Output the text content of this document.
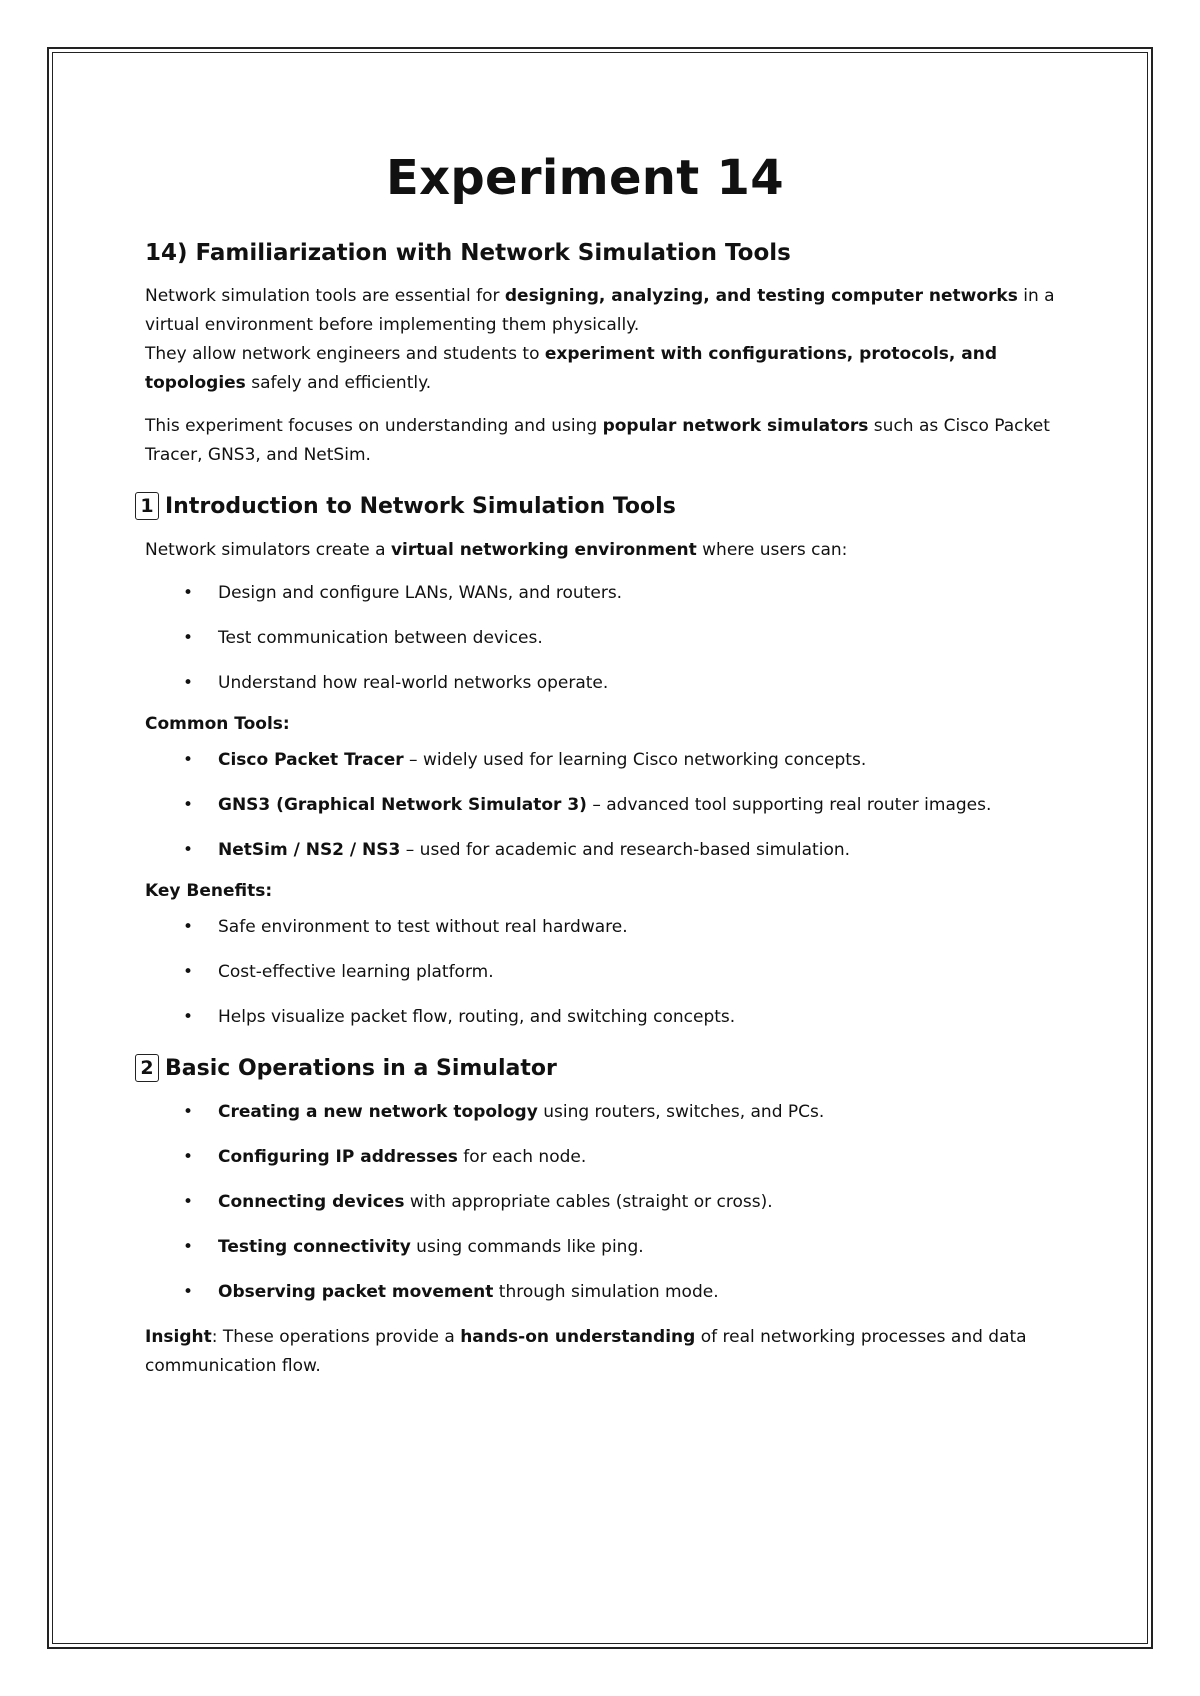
Experiment 14
14) Familiarization with Network Simulation Tools

Network simulation tools are essential for designing, analyzing, and testing computer networks in a virtual environment before implementing them physically.
They allow network engineers and students to experiment with configurations, protocols, and topologies safely and efficiently.

This experiment focuses on understanding and using popular network simulators such as Cisco Packet Tracer, GNS3, and NetSim.

1 Introduction to Network Simulation Tools

Network simulators create a virtual networking environment where users can:

• Design and configure LANs, WANs, and routers.
• Test communication between devices.
• Understand how real-world networks operate.
Common Tools:
• Cisco Packet Tracer – widely used for learning Cisco networking concepts.
• GNS3 (Graphical Network Simulator 3) – advanced tool supporting real router images.
• NetSim / NS2 / NS3 – used for academic and research-based simulation.
Key Benefits:
• Safe environment to test without real hardware.
• Cost-effective learning platform.
• Helps visualize packet flow, routing, and switching concepts.
2 Basic Operations in a Simulator
• Creating a new network topology using routers, switches, and PCs.
• Configuring IP addresses for each node.
• Connecting devices with appropriate cables (straight or cross).
• Testing connectivity using commands like ping.
• Observing packet movement through simulation mode.

Insight: These operations provide a hands-on understanding of real networking processes and data communication flow.
